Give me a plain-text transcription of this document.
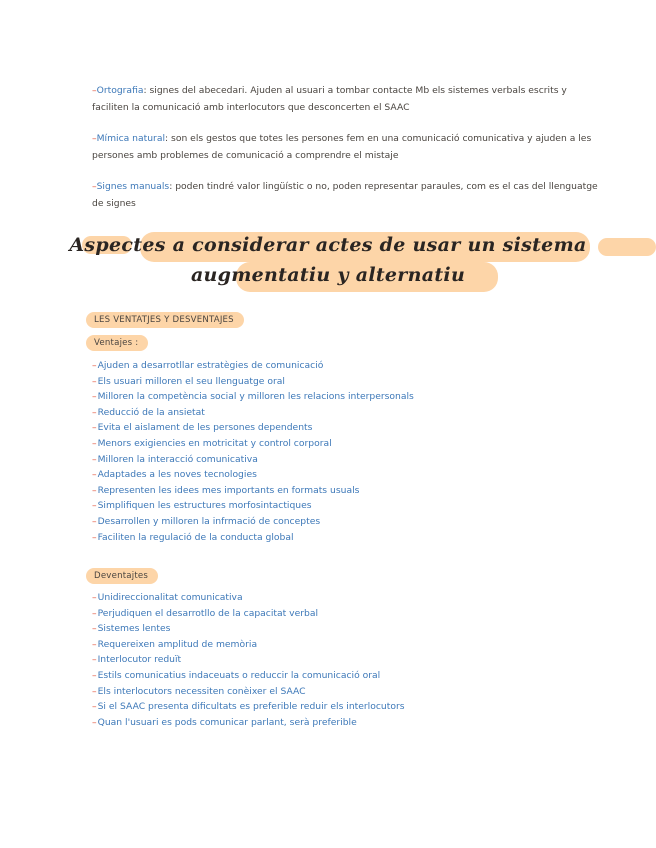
–Ortografia: signes del abecedari. Ajuden al usuari a tombar contacte Mb els sistemes verbals escrits y
faciliten la comunicació amb interlocutors que desconcerten el SAAC
–Mímica natural: son els gestos que totes les persones fem en una comunicació comunicativa y ajuden a les
persones amb problemes de comunicació a comprendre el mistaje
–Signes manuals: poden tindré valor lingüístic o no, poden representar paraules, com es el cas del llenguatge
de signes
Aspectes a considerar actes de usar un sistema
augmentatiu y alternatiu
LES VENTATJES Y DESVENTAJES
Ventajes :
–Ajuden a desarrotllar estratègies de comunicació
–Els usuari milloren el seu llenguatge oral
–Milloren la competència social y milloren les relacions interpersonals
–Reducció de la ansietat
–Evita el aislament de les persones dependents
–Menors exigiencies en motricitat y control corporal
–Milloren la interacció comunicativa
–Adaptades a les noves tecnologies
–Representen les idees mes importants en formats usuals
–Simplifiquen les estructures morfosintactiques
–Desarrollen y milloren la infrmació de conceptes
–Faciliten la regulació de la conducta global
Deventajtes
–Unidireccionalitat comunicativa
–Perjudiquen el desarrotllo de la capacitat verbal
–Sistemes lentes
–Requereixen amplitud de memòria
–Interlocutor reduït
–Estils comunicatius indaceuats o reduccir la comunicació oral
–Els interlocutors necessiten conèixer el SAAC
–Si el SAAC presenta dificultats es preferible reduir els interlocutors
–Quan l'usuari es pods comunicar parlant, serà preferible
